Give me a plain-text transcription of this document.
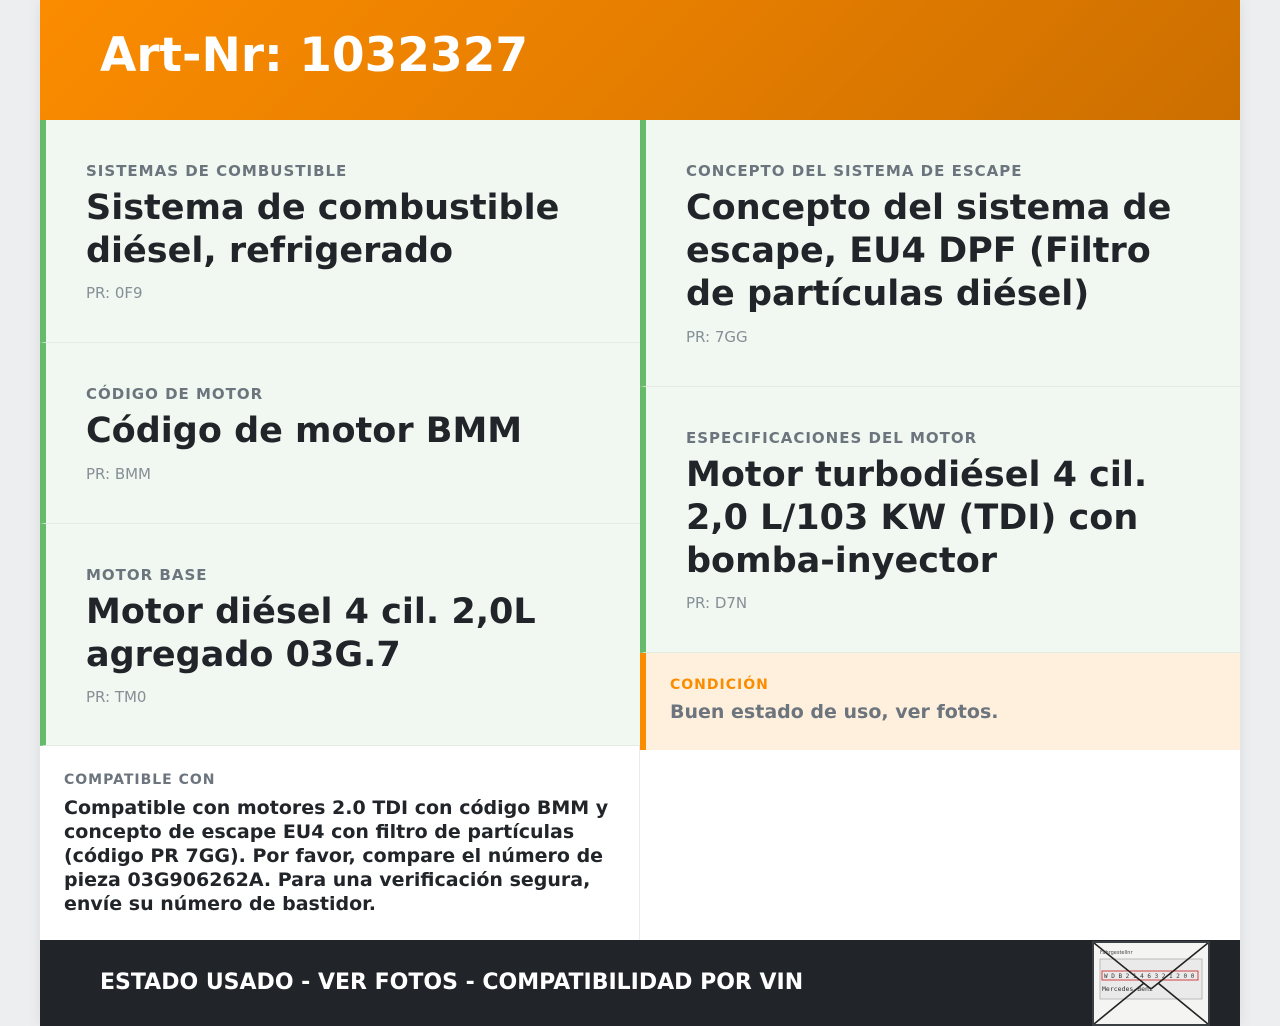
Art-Nr: 1032327
SISTEMAS DE COMBUSTIBLE
Sistema de combustible diésel, refrigerado
PR: 0F9
CÓDIGO DE MOTOR
Código de motor BMM
PR: BMM
MOTOR BASE
Motor diésel 4 cil. 2,0L agregado 03G.7
PR: TM0
CONCEPTO DEL SISTEMA DE ESCAPE
Concepto del sistema de escape, EU4 DPF (Filtro de partículas diésel)
PR: 7GG
ESPECIFICACIONES DEL MOTOR
Motor turbodiésel 4 cil. 2,0 L/103 KW (TDI) con bomba-inyector
PR: D7N
CONDICIÓN
Buen estado de uso, ver fotos.
COMPATIBLE CON
Compatible con motores 2.0 TDI con código BMM y concepto de escape EU4 con filtro de partículas (código PR 7GG). Por favor, compare el número de pieza 03G906262A. Para una verificación segura, envíe su número de bastidor.
ESTADO USADO - VER FOTOS - COMPATIBILIDAD POR VIN
Fahrgestellnr
W D B 2 1 4 6 3 2 1 2 0 0
Mercedes-Benz
